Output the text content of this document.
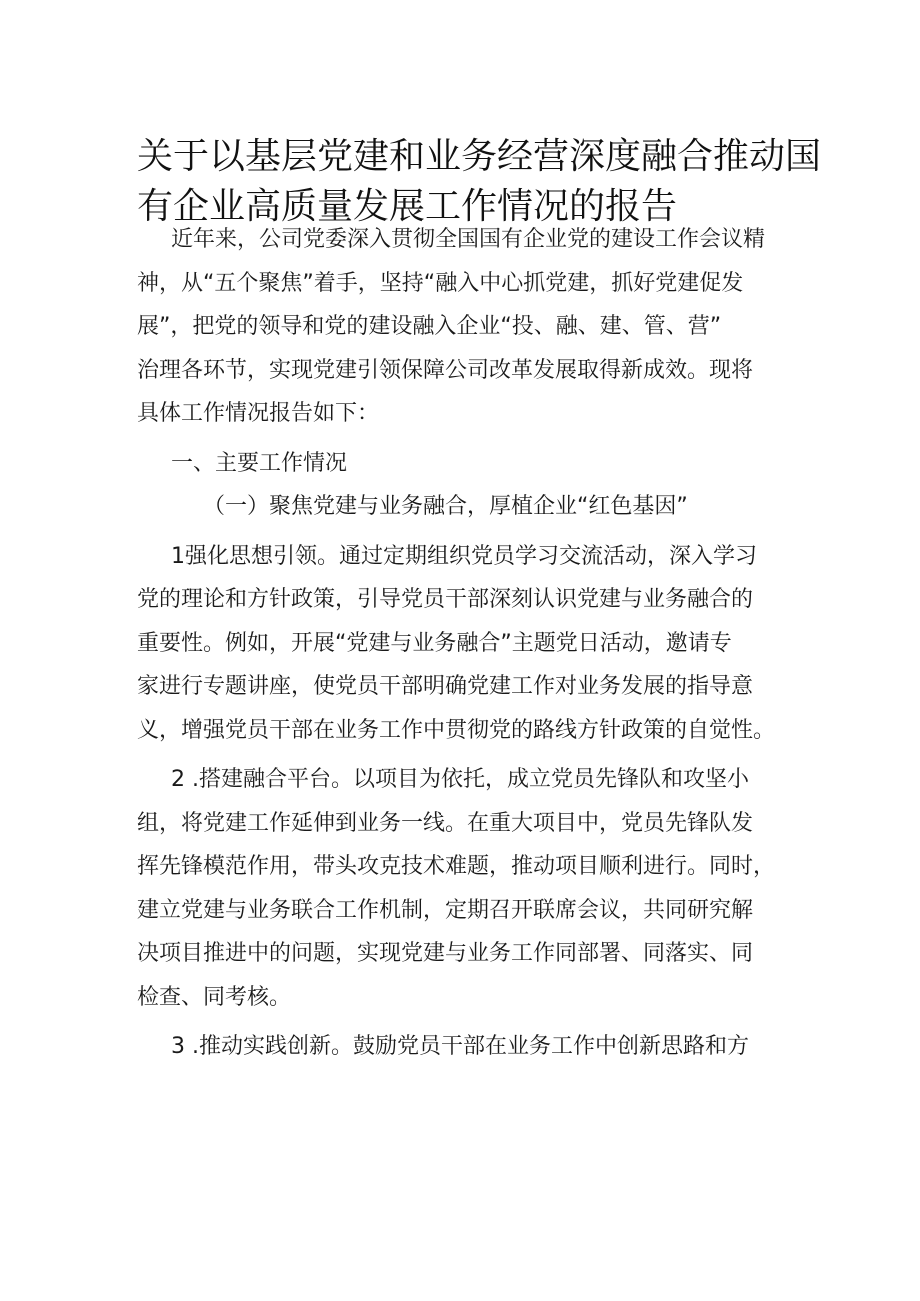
关于以基层党建和业务经营深度融合推动国
有企业高质量发展工作情况的报告
近年来，公司党委深入贯彻全国国有企业党的建设工作会议精
神，从“五个聚焦”着手，坚持“融入中心抓党建，抓好党建促发
展”，把党的领导和党的建设融入企业“投、融、建、管、营”
治理各环节，实现党建引领保障公司改革发展取得新成效。现将
具体工作情况报告如下：
一、主要工作情况
（一）聚焦党建与业务融合，厚植企业“红色基因”
1强化思想引领。通过定期组织党员学习交流活动，深入学习
党的理论和方针政策，引导党员干部深刻认识党建与业务融合的
重要性。例如，开展“党建与业务融合”主题党日活动，邀请专
家进行专题讲座，使党员干部明确党建工作对业务发展的指导意
义，增强党员干部在业务工作中贯彻党的路线方针政策的自觉性。
2 .搭建融合平台。以项目为依托，成立党员先锋队和攻坚小
组，将党建工作延伸到业务一线。在重大项目中，党员先锋队发
挥先锋模范作用，带头攻克技术难题，推动项目顺利进行。同时，
建立党建与业务联合工作机制，定期召开联席会议，共同研究解
决项目推进中的问题，实现党建与业务工作同部署、同落实、同
检查、同考核。
3 .推动实践创新。鼓励党员干部在业务工作中创新思路和方
